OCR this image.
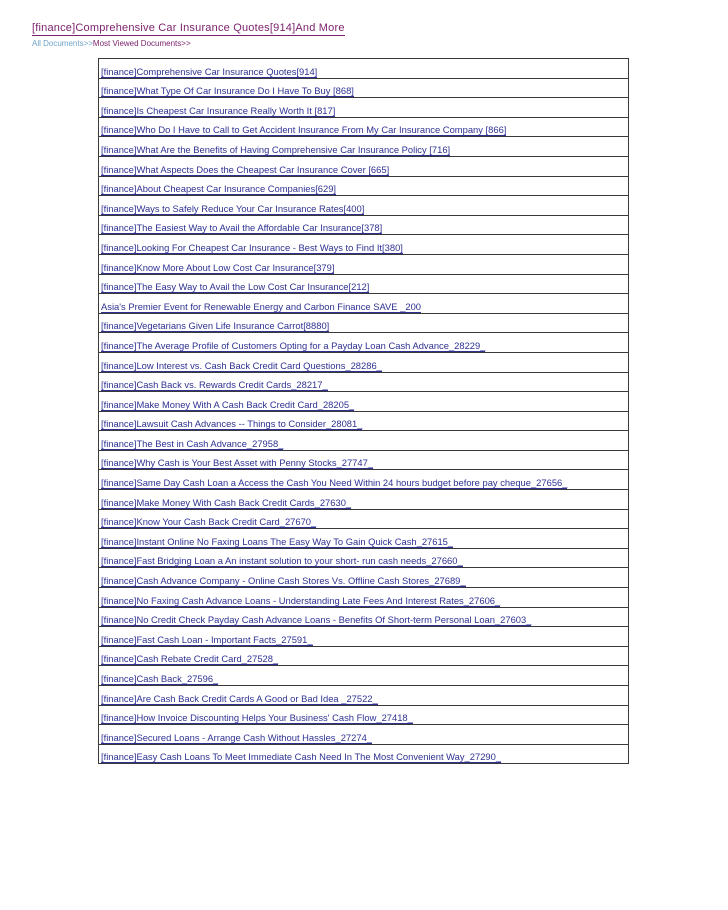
[finance]Comprehensive Car Insurance Quotes[914]And More
All Documents>>Most Viewed Documents>>
[finance]Comprehensive Car Insurance Quotes[914]
[finance]What Type Of Car Insurance Do I Have To Buy [868]
[finance]Is Cheapest Car Insurance Really Worth It [817]
[finance]Who Do I Have to Call to Get Accident Insurance From My Car Insurance Company [866]
[finance]What Are the Benefits of Having Comprehensive Car Insurance Policy [716]
[finance]What Aspects Does the Cheapest Car Insurance Cover [665]
[finance]About Cheapest Car Insurance Companies[629]
[finance]Ways to Safely Reduce Your Car Insurance Rates[400]
[finance]The Easiest Way to Avail the Affordable Car Insurance[378]
[finance]Looking For Cheapest Car Insurance - Best Ways to Find It[380]
[finance]Know More About Low Cost Car Insurance[379]
[finance]The Easy Way to Avail the Low Cost Car Insurance[212]
Asia's Premier Event for Renewable Energy and Carbon Finance SAVE _200
[finance]Vegetarians Given Life Insurance Carrot[8880]
[finance]The Average Profile of Customers Opting for a Payday Loan Cash Advance_28229_
[finance]Low Interest vs. Cash Back Credit Card Questions_28286_
[finance]Cash Back vs. Rewards Credit Cards_28217_
[finance]Make Money With A Cash Back Credit Card_28205_
[finance]Lawsuit Cash Advances -- Things to Consider_28081_
[finance]The Best in Cash Advance_27958_
[finance]Why Cash is Your Best Asset with Penny Stocks_27747_
[finance]Same Day Cash Loan a Access the Cash You Need Within 24 hours budget before pay cheque_27656_
[finance]Make Money With Cash Back Credit Cards_27630_
[finance]Know Your Cash Back Credit Card_27670_
[finance]Instant Online No Faxing Loans The Easy Way To Gain Quick Cash_27615_
[finance]Fast Bridging Loan a An instant solution to your short- run cash needs_27660_
[finance]Cash Advance Company - Online Cash Stores Vs. Offline Cash Stores_27689_
[finance]No Faxing Cash Advance Loans - Understanding Late Fees And Interest Rates_27606_
[finance]No Credit Check Payday Cash Advance Loans - Benefits Of Short-term Personal Loan_27603_
[finance]Fast Cash Loan - Important Facts_27591_
[finance]Cash Rebate Credit Card_27528_
[finance]Cash Back_27596_
[finance]Are Cash Back Credit Cards A Good or Bad Idea _27522_
[finance]How Invoice Discounting Helps Your Business' Cash Flow_27418_
[finance]Secured Loans - Arrange Cash Without Hassles_27274_
[finance]Easy Cash Loans To Meet Immediate Cash Need In The Most Convenient Way_27290_
